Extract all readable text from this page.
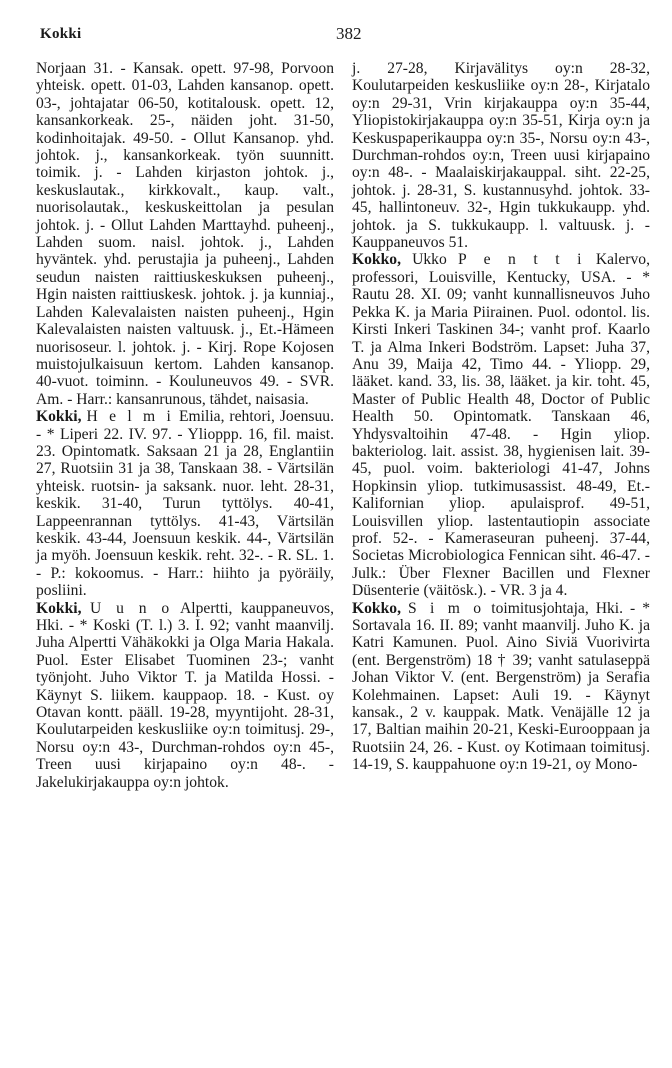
Kokki	382

Norjaan 31. - Kansak. opett. 97-98, Porvoon yhteisk. opett. 01-03, Lahden kansanop. opett. 03-, johtajatar 06-50, kotitalousk. opett. 12, kansankorkeak. 25-, näiden joht. 31-50, kodinhoitajak. 49-50. - Ollut Kansanop. yhd. johtok. j., kansankorkeak. työn suunnitt. toimik. j. - Lahden kirjaston johtok. j., keskuslautak., kirkkovalt., kaup. valt., nuorisolautak., keskuskeittolan ja pesulan johtok. j. - Ollut Lahden Marttayhd. puheenj., Lahden suom. naisl. johtok. j., Lahden hyväntek. yhd. perustajia ja puheenj., Lahden seudun naisten raittiuskeskuksen puheenj., Hgin naisten raittiuskesk. johtok. j. ja kunniaj., Lahden Kalevalaisten naisten puheenj., Hgin Kalevalaisten naisten valtuusk. j., Et.-Hämeen nuorisoseur. l. johtok. j. - Kirj. Rope Kojosen muistojulkaisuun kertom. Lahden kansanop. 40-vuot. toiminn. - Kouluneuvos 49. - SVR. Am. - Harr.: kansanrunous, tähdet, naisasia.

Kokki, H e l m i Emilia, rehtori, Joensuu. - * Liperi 22. IV. 97. - Ylioppp. 16, fil. maist. 23. Opintomatk. Saksaan 21 ja 28, Englantiin 27, Ruotsiin 31 ja 38, Tanskaan 38. - Värtsilän yhteisk. ruotsin- ja saksank. nuor. leht. 28-31, keskik. 31-40, Turun tyttölys. 40-41, Lappeenrannan tyttölys. 41-43, Värtsilän keskik. 43-44, Joensuun keskik. 44-, Värtsilän ja myöh. Joensuun keskik. reht. 32-. - R. SL. 1. - P.: kokoomus. - Harr.: hiihto ja pyöräily, posliini.

Kokki, U u n o Alpertti, kauppaneuvos, Hki. - * Koski (T. l.) 3. I. 92; vanht maanvilj. Juha Alpertti Vähäkokki ja Olga Maria Hakala. Puol. Ester Elisabet Tuominen 23-; vanht työnjoht. Juho Viktor T. ja Matilda Hossi. - Käynyt S. liikem. kauppaop. 18. - Kust. oy Otavan kontt. pääll. 19-28, myyntijoht. 28-31, Koulutarpeiden keskusliike oy:n toimitusj. 29-, Norsu oy:n 43-, Durchman-rohdos oy:n 45-, Treen uusi kirjapaino oy:n 48-. - Jakelukirjakauppa oy:n johtok.

j. 27-28, Kirjavälitys oy:n 28-32, Koulutarpeiden keskusliike oy:n 28-, Kirjatalo oy:n 29-31, Vrin kirjakauppa oy:n 35-44, Yliopistokirjakauppa oy:n 35-51, Kirja oy:n ja Keskuspaperikauppa oy:n 35-, Norsu oy:n 43-, Durchman-rohdos oy:n, Treen uusi kirjapaino oy:n 48-. - Maalaiskirjakauppal. siht. 22-25, johtok. j. 28-31, S. kustannusyhd. johtok. 33-45, hallintoneuv. 32-, Hgin tukkukaupp. yhd. johtok. ja S. tukkukaupp. l. valtuusk. j. - Kauppaneuvos 51.

Kokko, Ukko P e n t t i Kalervo, professori, Louisville, Kentucky, USA. - * Rautu 28. XI. 09; vanht kunnallisneuvos Juho Pekka K. ja Maria Piirainen. Puol. odontol. lis. Kirsti Inkeri Taskinen 34-; vanht prof. Kaarlo T. ja Alma Inkeri Bodström. Lapset: Juha 37, Anu 39, Maija 42, Timo 44. - Yliopp. 29, lääket. kand. 33, lis. 38, lääket. ja kir. toht. 45, Master of Public Health 48, Doctor of Public Health 50. Opintomatk. Tanskaan 46, Yhdysvaltoihin 47-48. - Hgin yliop. bakteriolog. lait. assist. 38, hygienisen lait. 39-45, puol. voim. bakteriologi 41-47, Johns Hopkinsin yliop. tutkimusassist. 48-49, Et.-Kalifornian yliop. apulaisprof. 49-51, Louisvillen yliop. lastentautiopin associate prof. 52-. - Kameraseuran puheenj. 37-44, Societas Microbiologica Fennican siht. 46-47. - Julk.: Über Flexner Bacillen und Flexner Düsenterie (väitösk.). - VR. 3 ja 4.

Kokko, S i m o toimitusjohtaja, Hki. - * Sortavala 16. II. 89; vanht maanvilj. Juho K. ja Katri Kamunen. Puol. Aino Siviä Vuorivirta (ent. Bergenström) 18 † 39; vanht satulaseppä Johan Viktor V. (ent. Bergenström) ja Serafia Kolehmainen. Lapset: Auli 19. - Käynyt kansak., 2 v. kauppak. Matk. Venäjälle 12 ja 17, Baltian maihin 20-21, Keski-Eurooppaan ja Ruotsiin 24, 26. - Kust. oy Kotimaan toimitusj. 14-19, S. kauppahuone oy:n 19-21, oy Mono-
